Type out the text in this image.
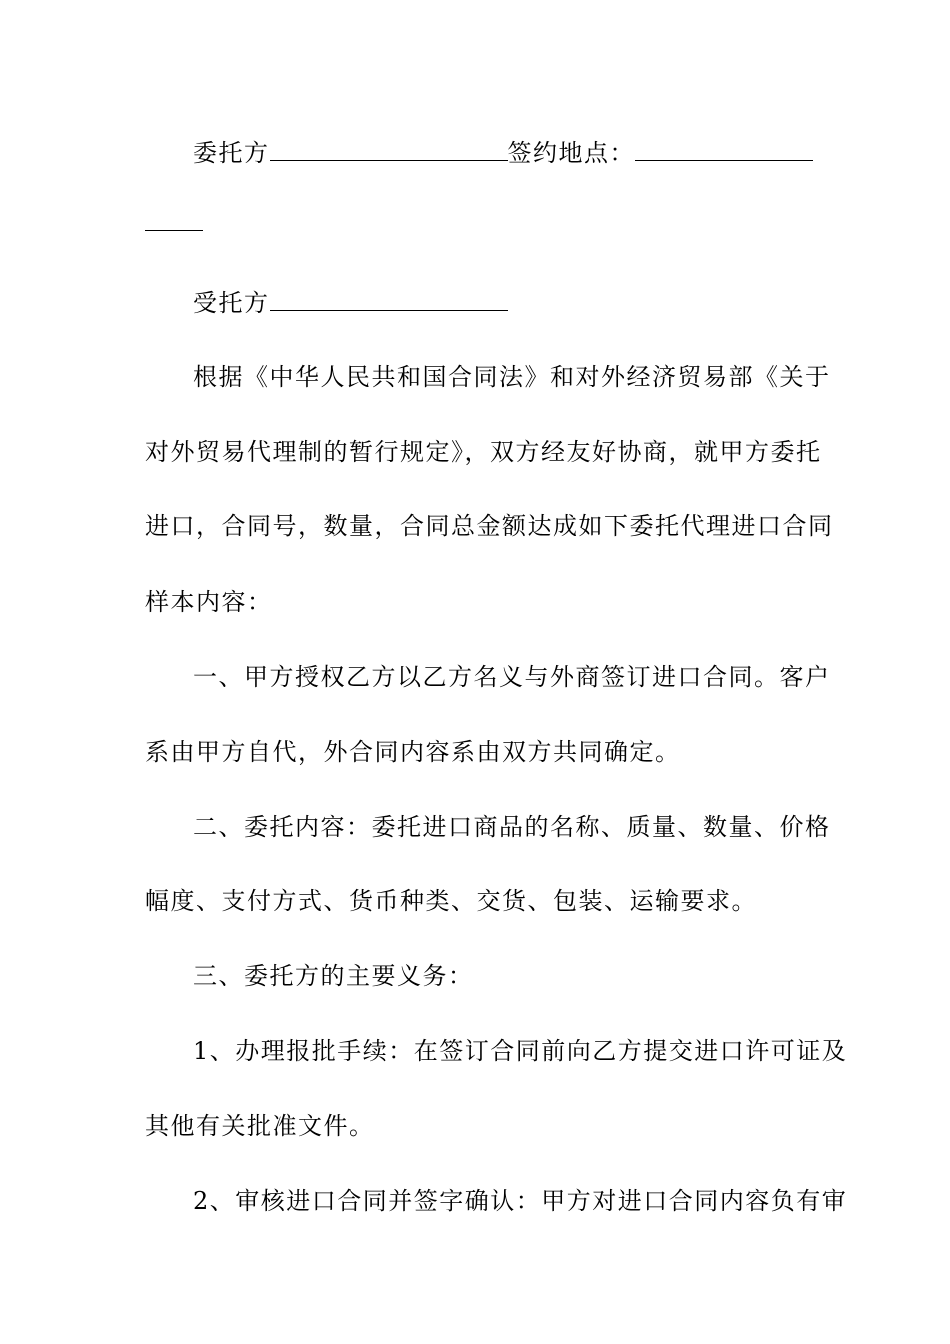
委托方	签约地点：
受托方
根据《中华人民共和国合同法》和对外经济贸易部《关于
对外贸易代理制的暂行规定》，双方经友好协商，就甲方委托
进口，合同号，数量，合同总金额达成如下委托代理进口合同
样本内容：
一、甲方授权乙方以乙方名义与外商签订进口合同。客户
系由甲方自代，外合同内容系由双方共同确定。
二、委托内容：委托进口商品的名称、质量、数量、价格
幅度、支付方式、货币种类、交货、包装、运输要求。
三、委托方的主要义务：
1、办理报批手续：在签订合同前向乙方提交进口许可证及
其他有关批准文件。
2、审核进口合同并签字确认：甲方对进口合同内容负有审
